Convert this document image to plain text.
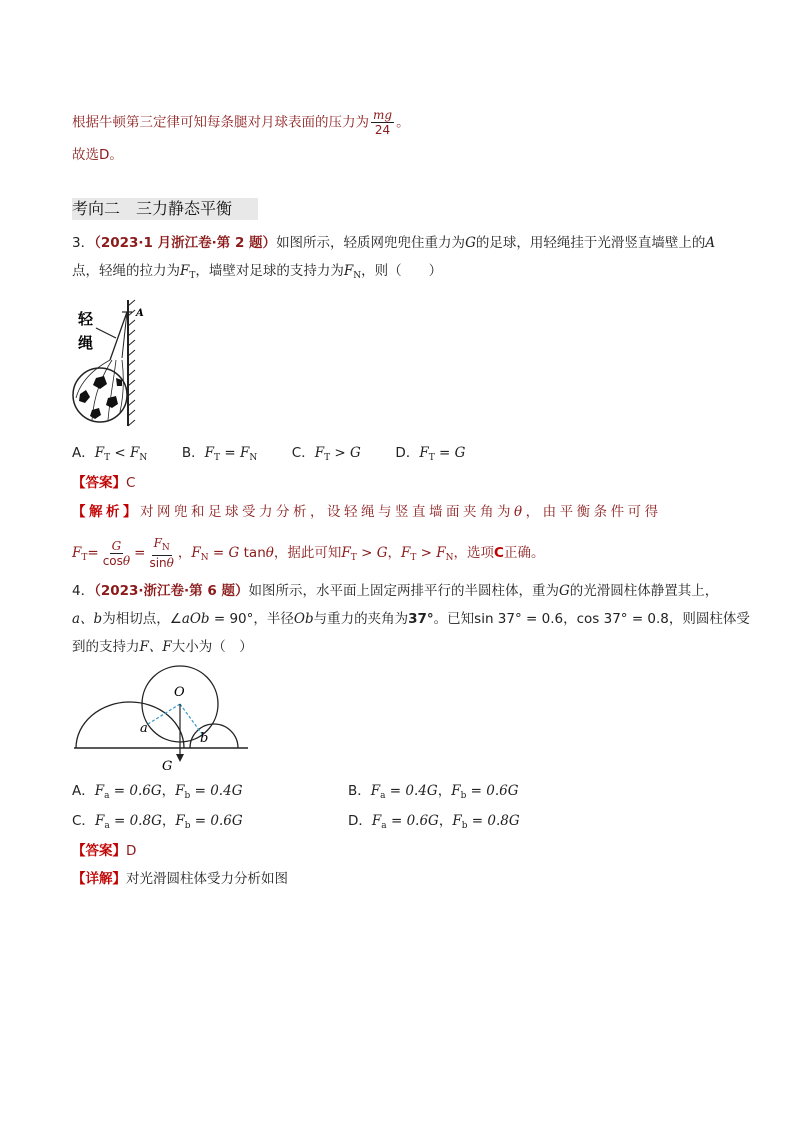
根据牛顿第三定律可知每条腿对月球表面的压力为 $\frac{mg}{24}$ 。
故选D。
考向二　三力静态平衡
3．（2023·1 月浙江卷·第 2 题）如图所示，轻质网兜兜住重力为G的足球，用轻绳挂于光滑竖直墙壁上的A
点，轻绳的拉力为$F_T$，墙壁对足球的支持力为$F_N$，则（　　）
轻
绳
A
A．$F_T < F_N$	B．$F_T = F_N$	C．$F_T > G$	D．$F_T = G$
【答案】C
【解析】对网兜和足球受力分析，设轻绳与竖直墙面夹角为θ，由平衡条件可得
$F_T= \frac{G}{\cos\theta} = \frac{F_N}{\sin\theta}$ ，$F_N = G$ tanθ，据此可知$F_T > G$，$F_T > F_N$，选项C正确。
4．（2023·浙江卷·第 6 题）如图所示，水平面上固定两排平行的半圆柱体，重为G的光滑圆柱体静置其上，
a、b为相切点，∠aOb = 90°，半径Ob与重力的夹角为37°。已知sin 37° = 0.6，cos 37° = 0.8，则圆柱体受
到的支持力F、F大小为（　）
O
a
b
G
A．$F_a = 0.6G$，$F_b = 0.4G$	B．$F_a = 0.4G$，$F_b = 0.6G$
C．$F_a = 0.8G$，$F_b = 0.6G$	D．$F_a = 0.6G$，$F_b = 0.8G$
【答案】D
【详解】对光滑圆柱体受力分析如图
